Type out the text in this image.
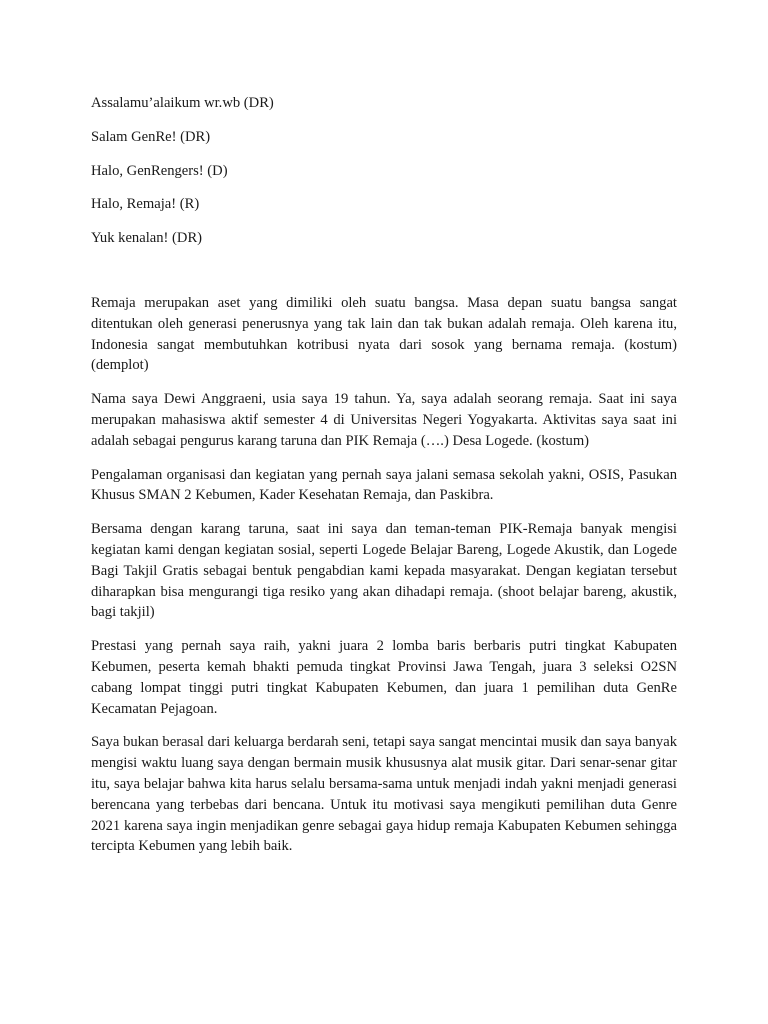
Assalamu’alaikum wr.wb (DR)

Salam GenRe! (DR)

Halo, GenRengers! (D)

Halo, Remaja! (R)

Yuk kenalan! (DR)

Remaja merupakan aset yang dimiliki oleh suatu bangsa. Masa depan suatu bangsa sangat ditentukan oleh generasi penerusnya yang tak lain dan tak bukan adalah remaja. Oleh karena itu, Indonesia sangat membutuhkan kotribusi nyata dari sosok yang bernama remaja. (kostum) (demplot)

Nama saya Dewi Anggraeni, usia saya 19 tahun. Ya, saya adalah seorang remaja. Saat ini saya merupakan mahasiswa aktif semester 4 di Universitas Negeri Yogyakarta. Aktivitas saya saat ini adalah sebagai pengurus karang taruna dan PIK Remaja (….) Desa Logede. (kostum)

Pengalaman organisasi dan kegiatan yang pernah saya jalani semasa sekolah yakni, OSIS, Pasukan Khusus SMAN 2 Kebumen, Kader Kesehatan Remaja, dan Paskibra.

Bersama dengan karang taruna, saat ini saya dan teman-teman PIK-Remaja banyak mengisi kegiatan kami dengan kegiatan sosial, seperti Logede Belajar Bareng, Logede Akustik, dan Logede Bagi Takjil Gratis sebagai bentuk pengabdian kami kepada masyarakat. Dengan kegiatan tersebut diharapkan bisa mengurangi tiga resiko yang akan dihadapi remaja. (shoot belajar bareng, akustik, bagi takjil)

Prestasi yang pernah saya raih, yakni juara 2 lomba baris berbaris putri tingkat Kabupaten Kebumen, peserta kemah bhakti pemuda tingkat Provinsi Jawa Tengah, juara 3 seleksi O2SN cabang lompat tinggi putri tingkat Kabupaten Kebumen, dan juara 1 pemilihan duta GenRe Kecamatan Pejagoan.

Saya bukan berasal dari keluarga berdarah seni, tetapi saya sangat mencintai musik dan saya banyak mengisi waktu luang saya dengan bermain musik khususnya alat musik gitar. Dari senar-senar gitar itu, saya belajar bahwa kita harus selalu bersama-sama untuk menjadi indah yakni menjadi generasi berencana yang terbebas dari bencana. Untuk itu motivasi saya mengikuti pemilihan duta Genre 2021 karena saya ingin menjadikan genre sebagai gaya hidup remaja Kabupaten Kebumen sehingga tercipta Kebumen yang lebih baik.
